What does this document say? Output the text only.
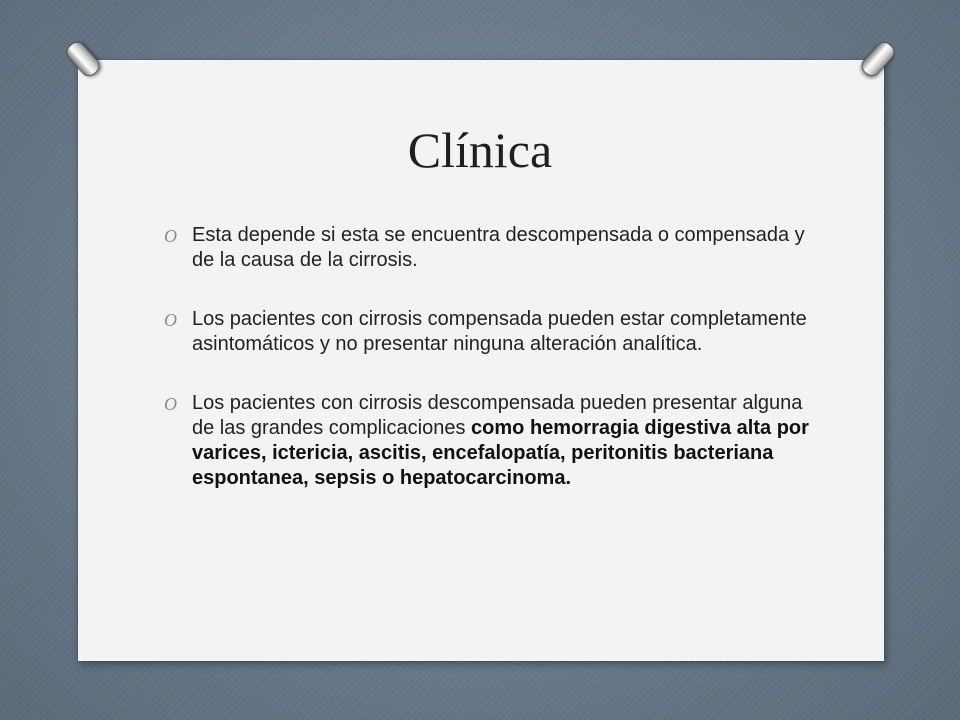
Clínica
O Esta depende si esta se encuentra descompensada o compensada y de la causa de la cirrosis.
O Los pacientes con cirrosis compensada pueden estar completamente asintomáticos y no presentar ninguna alteración analítica.
O Los pacientes con cirrosis descompensada pueden presentar alguna de las grandes complicaciones como hemorragia digestiva alta por varices, ictericia, ascitis, encefalopatía, peritonitis bacteriana espontanea, sepsis o hepatocarcinoma.
